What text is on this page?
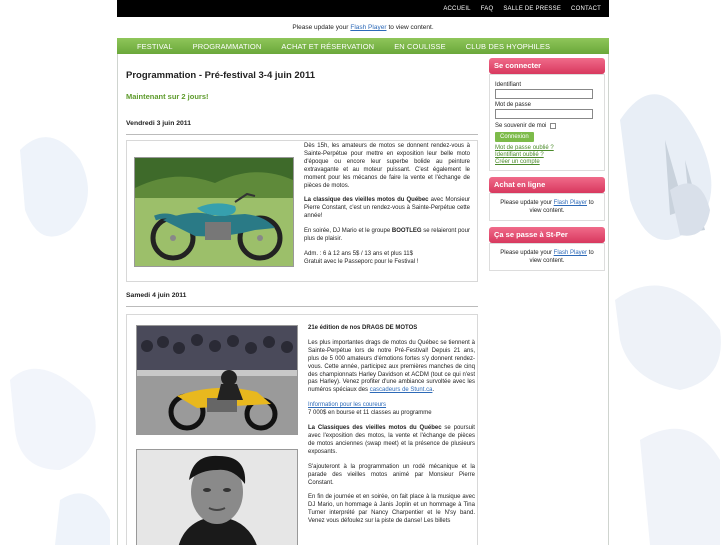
ACCUEIL FAQ SALLE DE PRESSE CONTACT
Please update your Flash Player to view content.
FESTIVAL	PROGRAMMATION	ACHAT ET RÉSERVATION	EN COULISSE	CLUB DES HYOPHILES
Programmation - Pré-festival 3-4 juin 2011
Maintenant sur 2 jours!
Vendredi 3 juin 2011

Dès 15h, les amateurs de motos se donnent rendez-vous à Sainte-Perpétue pour mettre en exposition leur belle moto d'époque ou encore leur superbe bolide au peinture extravagante et au moteur puissant. C'est également le moment pour les mécanos de faire la vente et l'échange de pièces de motos.

La classique des vieilles motos du Québec avec Monsieur Pierre Constant, c'est un rendez-vous à Sainte-Perpétue cette année!

En soirée, DJ Mario et le groupe BOOTLEG se relaieront pour plus de plaisir.

Adm. : 6 à 12 ans 5$ / 13 ans et plus 11$
Gratuit avec le Passeporc pour le Festival !

Samedi 4 juin 2011

21e édition de nos DRAGS DE MOTOS

Les plus importantes drags de motos du Québec se tiennent à Sainte-Perpétue lors de notre Pré-Festival! Depuis 21 ans, plus de 5 000 amateurs d'émotions fortes s'y donnent rendez-vous. Cette année, participez aux premières manches de cinq des championnats Harley Davidson et ACDM (tout ce qui n'est pas Harley). Venez profiter d'une ambiance survoltée avec les numéros spéciaux des cascadeurs de Stunt.ca.

Information pour les coureurs
7 000$ en bourse et 11 classes au programme

La Classiques des vieilles motos du Québec se poursuit avec l'exposition des motos, la vente et l'échange de pièces de motos anciennes (swap meet) et la présence de plusieurs exposants.

S'ajouteront à la programmation un rodé mécanique et la parade des vieilles motos animé par Monsieur Pierre Constant.

En fin de journée et en soirée, on fait place à la musique avec DJ Mario, un hommage à Janis Joplin et un hommage à Tina Turner interprété par Nancy Charpentier et le N'sy band. Venez vous défoulez sur la piste de danse! Les billets

Se connecter
Identifiant
Mot de passe
Se souvenir de moi
Connexion
Mot de passe oublié ?
Identifiant oublié ?
Créer un compte
Achat en ligne
Please update your Flash Player to view content.
Ça se passe à St-Per
Please update your Flash Player to view content.
